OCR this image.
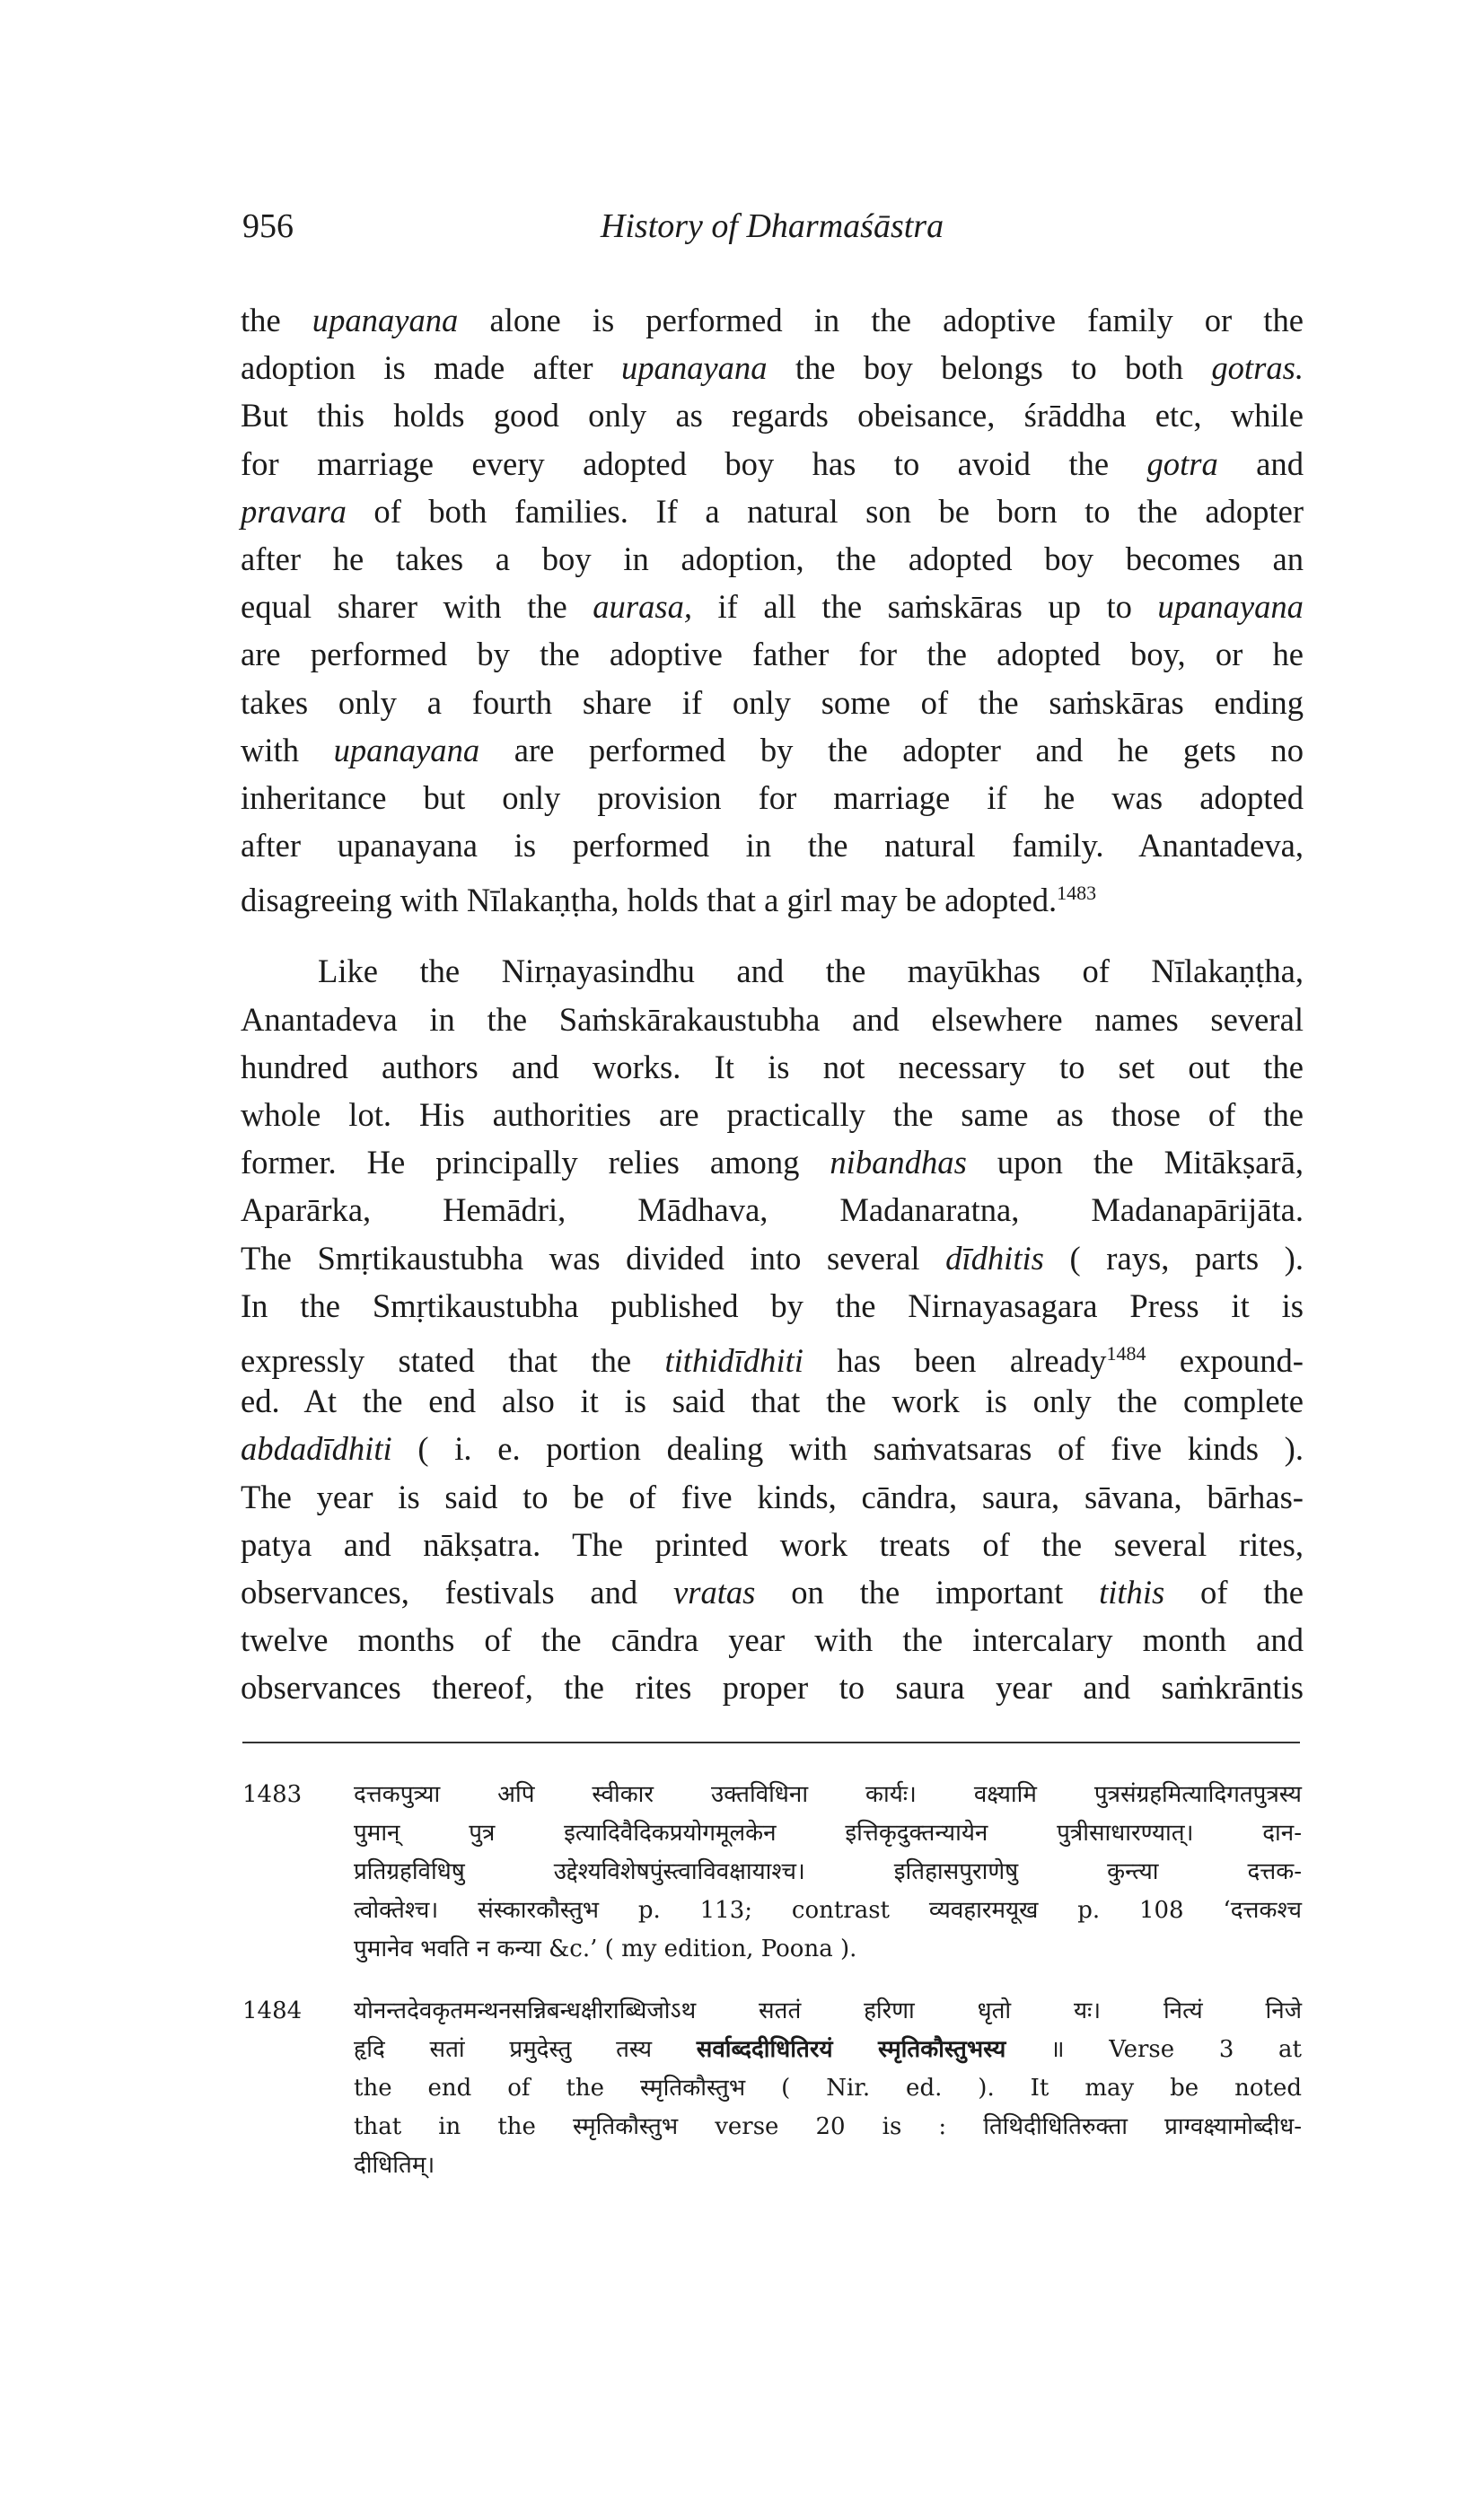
956	History of Dharmaśāstra
the upanayana alone is performed in the adoptive family or the
adoption is made after upanayana the boy belongs to both gotras.
But this holds good only as regards obeisance, śrāddha etc, while
for marriage every adopted boy has to avoid the gotra and
pravara of both families. If a natural son be born to the adopter
after he takes a boy in adoption, the adopted boy becomes an
equal sharer with the aurasa, if all the saṁskāras up to upanayana
are performed by the adoptive father for the adopted boy, or he
takes only a fourth share if only some of the saṁskāras ending
with upanayana are performed by the adopter and he gets no
inheritance but only provision for marriage if he was adopted
after upanayana is performed in the natural family. Anantadeva,
disagreeing with Nīlakaṇṭha, holds that a girl may be adopted.$^{1483}$
Like the Nirṇayasindhu and the mayūkhas of Nīlakaṇṭha,
Anantadeva in the Saṁskārakaustubha and elsewhere names several
hundred authors and works. It is not necessary to set out the
whole lot. His authorities are practically the same as those of the
former. He principally relies among nibandhas upon the Mitākṣarā,
Aparārka, Hemādri, Mādhava, Madanaratna, Madanapārijāta.
The Smṛtikaustubha was divided into several dīdhitis ( rays, parts ).
In the Smṛtikaustubha published by the Nirnayasagara Press it is
expressly stated that the tithidīdhiti has been already$^{1484}$ expound-
ed. At the end also it is said that the work is only the complete
abdadīdhiti ( i. e. portion dealing with saṁvatsaras of five kinds ).
The year is said to be of five kinds, cāndra, saura, sāvana, bārhas-
patya and nākṣatra. The printed work treats of the several rites,
observances, festivals and vratas on the important tithis of the
twelve months of the cāndra year with the intercalary month and
observances thereof, the rites proper to saura year and saṁkrāntis
1483 दत्तकपुत्र्या अपि स्वीकार उक्तविधिना कार्यः। वक्ष्यामि पुत्रसंग्रहमित्यादिगतपुत्रस्य
पुमान् पुत्र इत्यादिवैदिकप्रयोगमूलकेन इत्तिकृदुक्तन्यायेन पुत्रीसाधारण्यात्। दान-
प्रतिग्रहविधिषु उद्देश्यविशेषपुंस्त्वाविवक्षायाश्च। इतिहासपुराणेषु कुन्त्या दत्तक-
त्वोक्तेश्च। संस्कारकौस्तुभ p. 113; contrast व्यवहारमयूख p. 108 ‘दत्तकश्च
पुमानेव भवति न कन्या &c.’ ( my edition, Poona ).
1484 योनन्तदेवकृतमन्थनसन्निबन्धक्षीराब्धिजोऽथ सततं हरिणा धृतो यः। नित्यं निजे
हृदि सतां प्रमुदेस्तु तस्य सर्वाब्ददीधितिरयं स्मृतिकौस्तुभस्य ॥ Verse 3 at
the end of the स्मृतिकौस्तुभ ( Nir. ed. ). It may be noted
that in the स्मृतिकौस्तुभ verse 20 is : तिथिदीधितिरुक्ता प्राग्वक्ष्यामोब्दीध-
दीधितिम्।
